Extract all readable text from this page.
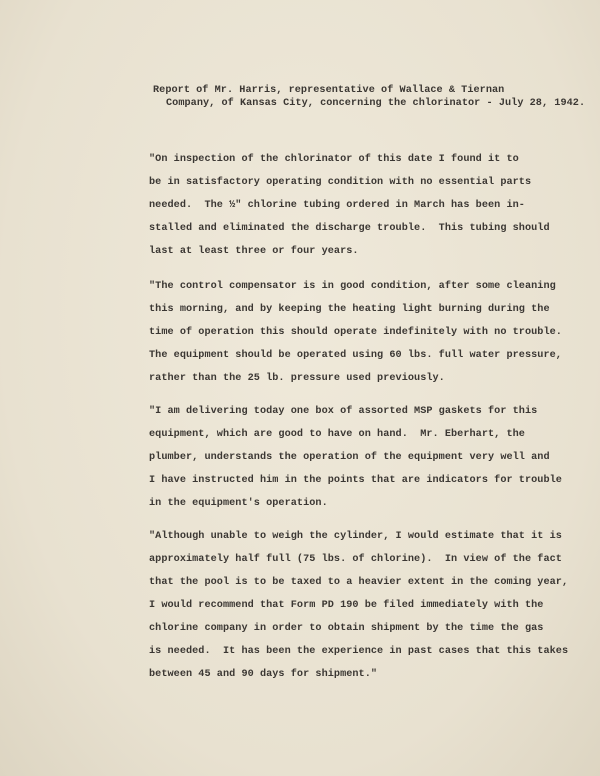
Report of Mr. Harris, representative of Wallace & Tiernan
Company, of Kansas City, concerning the chlorinator - July 28, 1942.
"On inspection of the chlorinator of this date I found it to
be in satisfactory operating condition with no essential parts
needed.  The ½" chlorine tubing ordered in March has been in-
stalled and eliminated the discharge trouble.  This tubing should
last at least three or four years.
"The control compensator is in good condition, after some cleaning
this morning, and by keeping the heating light burning during the
time of operation this should operate indefinitely with no trouble.
The equipment should be operated using 60 lbs. full water pressure,
rather than the 25 lb. pressure used previously.
"I am delivering today one box of assorted MSP gaskets for this
equipment, which are good to have on hand.  Mr. Eberhart, the
plumber, understands the operation of the equipment very well and
I have instructed him in the points that are indicators for trouble
in the equipment's operation.
"Although unable to weigh the cylinder, I would estimate that it is
approximately half full (75 lbs. of chlorine).  In view of the fact
that the pool is to be taxed to a heavier extent in the coming year,
I would recommend that Form PD 190 be filed immediately with the
chlorine company in order to obtain shipment by the time the gas
is needed.  It has been the experience in past cases that this takes
between 45 and 90 days for shipment."
